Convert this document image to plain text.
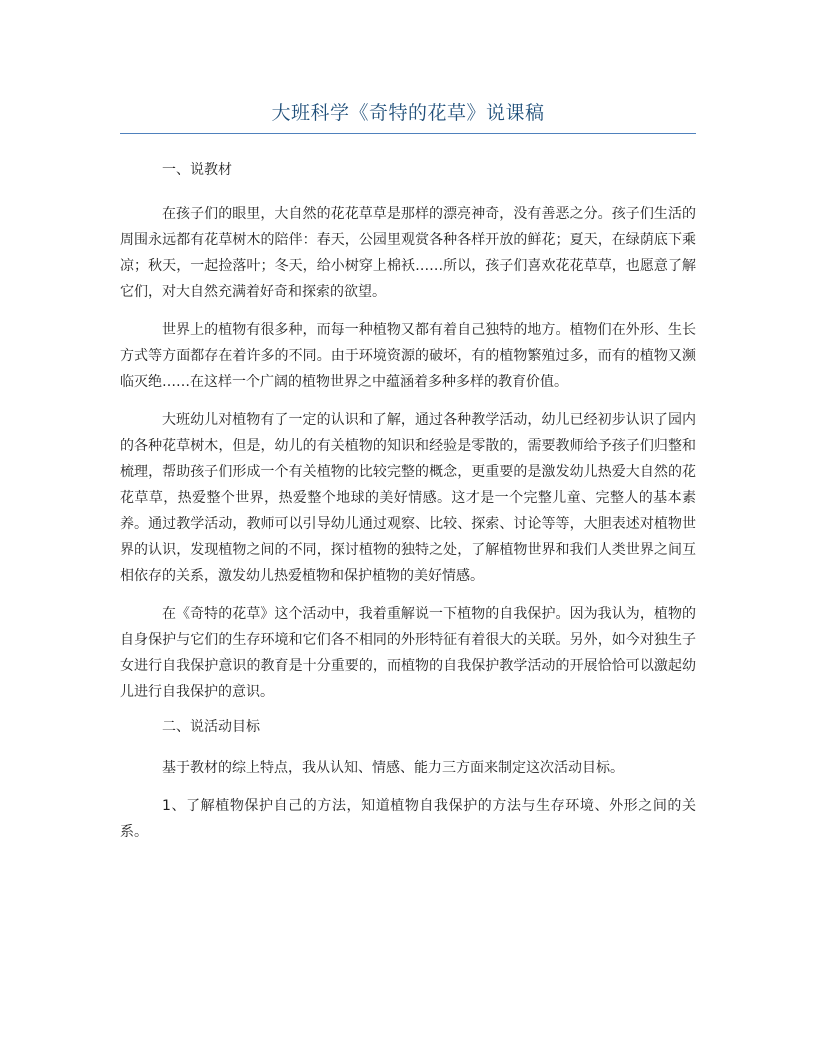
大班科学《奇特的花草》说课稿

一、说教材

在孩子们的眼里，大自然的花花草草是那样的漂亮神奇，没有善恶之分。孩子们生活的周围永远都有花草树木的陪伴：春天，公园里观赏各种各样开放的鲜花；夏天，在绿荫底下乘凉；秋天，一起捡落叶；冬天，给小树穿上棉袄……所以，孩子们喜欢花花草草，也愿意了解它们，对大自然充满着好奇和探索的欲望。

世界上的植物有很多种，而每一种植物又都有着自己独特的地方。植物们在外形、生长方式等方面都存在着许多的不同。由于环境资源的破坏，有的植物繁殖过多，而有的植物又濒临灭绝……在这样一个广阔的植物世界之中蕴涵着多种多样的教育价值。

大班幼儿对植物有了一定的认识和了解，通过各种教学活动，幼儿已经初步认识了园内的各种花草树木，但是，幼儿的有关植物的知识和经验是零散的，需要教师给予孩子们归整和梳理，帮助孩子们形成一个有关植物的比较完整的概念，更重要的是激发幼儿热爱大自然的花花草草，热爱整个世界，热爱整个地球的美好情感。这才是一个完整儿童、完整人的基本素养。通过教学活动，教师可以引导幼儿通过观察、比较、探索、讨论等等，大胆表述对植物世界的认识，发现植物之间的不同，探讨植物的独特之处，了解植物世界和我们人类世界之间互相依存的关系，激发幼儿热爱植物和保护植物的美好情感。

在《奇特的花草》这个活动中，我着重解说一下植物的自我保护。因为我认为，植物的自身保护与它们的生存环境和它们各不相同的外形特征有着很大的关联。另外，如今对独生子女进行自我保护意识的教育是十分重要的，而植物的自我保护教学活动的开展恰恰可以激起幼儿进行自我保护的意识。

二、说活动目标

基于教材的综上特点，我从认知、情感、能力三方面来制定这次活动目标。

1、了解植物保护自己的方法，知道植物自我保护的方法与生存环境、外形之间的关系。
